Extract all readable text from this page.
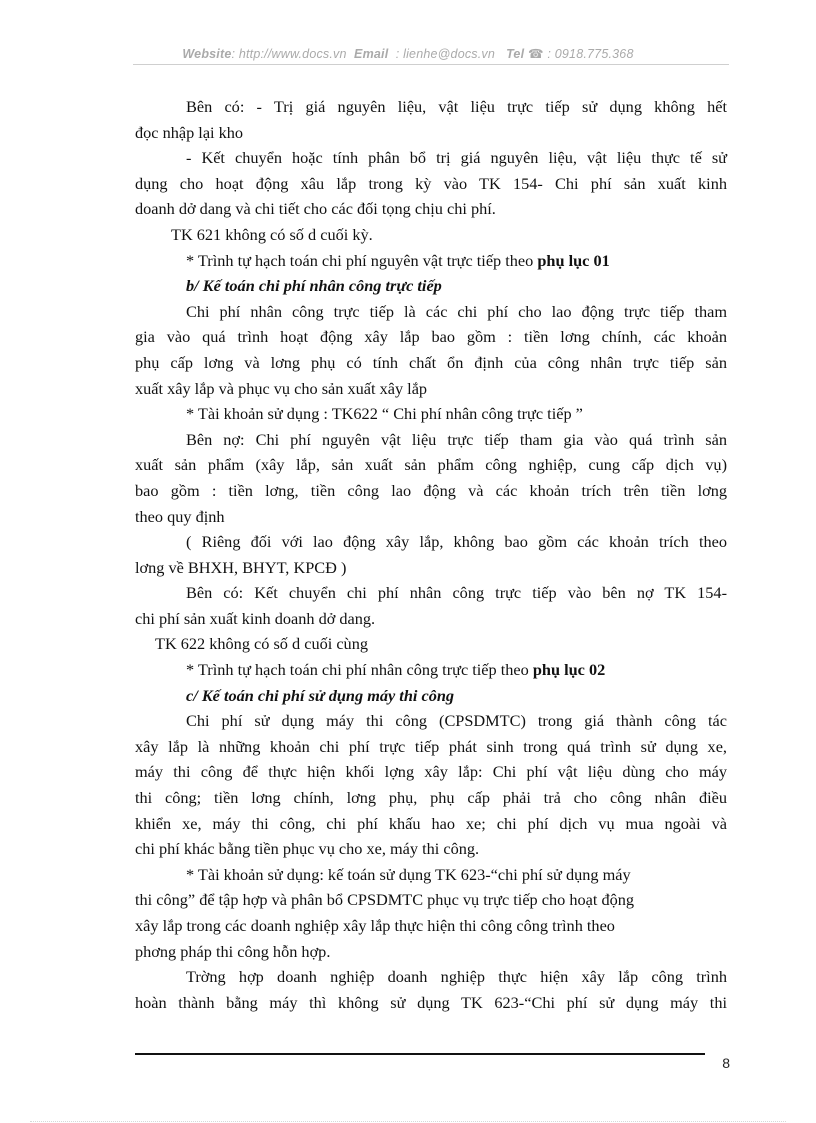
Website: http://www.docs.vn Email : lienhe@docs.vn Tel ☎ : 0918.775.368
Bên có: - Trị giá nguyên liệu, vật liệu trực tiếp sử dụng không hết
đọc nhập lại kho
- Kết chuyển hoặc tính phân bổ trị giá nguyên liệu, vật liệu thực tế sử
dụng cho hoạt động xâu lắp trong kỳ vào TK 154- Chi phí sản xuất kinh
doanh dở dang và chi tiết cho các đối tọng chịu chi phí.
TK 621 không có số d cuối kỳ.
* Trình tự hạch toán chi phí nguyên vật trực tiếp theo phụ lục 01
b/ Kế toán chi phí nhân công trực tiếp
Chi phí nhân công trực tiếp là các chi phí cho lao động trực tiếp tham
gia vào quá trình hoạt động xây lắp bao gồm : tiền lơng chính, các khoản
phụ cấp lơng và lơng phụ có tính chất ổn định của công nhân trực tiếp sản
xuất xây lắp và phục vụ cho sản xuất xây lắp
* Tài khoản sử dụng : TK622 “ Chi phí nhân công trực tiếp ”
Bên nợ: Chi phí nguyên vật liệu trực tiếp tham gia vào quá trình sản
xuất sản phẩm (xây lắp, sản xuất sản phẩm công nghiệp, cung cấp dịch vụ)
bao gồm : tiền lơng, tiền công lao động và các khoản trích trên tiền lơng
theo quy định
( Riêng đối với lao động xây lắp, không bao gồm các khoản trích theo
lơng về BHXH, BHYT, KPCĐ )
Bên có: Kết chuyển chi phí nhân công trực tiếp vào bên nợ TK 154-
chi phí sản xuất kinh doanh dở dang.
TK 622 không có số d cuối cùng
* Trình tự hạch toán chi phí nhân công trực tiếp theo phụ lục 02
c/ Kế toán chi phí sử dụng máy thi công
Chi phí sử dụng máy thi công (CPSDMTC) trong giá thành công tác
xây lắp là những khoản chi phí trực tiếp phát sinh trong quá trình sử dụng xe,
máy thi công để thực hiện khối lợng xây lắp: Chi phí vật liệu dùng cho máy
thi công; tiền lơng chính, lơng phụ, phụ cấp phải trả cho công nhân điều
khiển xe, máy thi công, chi phí khấu hao xe; chi phí dịch vụ mua ngoài và
chi phí khác bằng tiền phục vụ cho xe, máy thi công.
* Tài khoản sử dụng: kế toán sử dụng TK 623-“chi phí sử dụng máy
thi công” để tập hợp và phân bổ CPSDMTC phục vụ trực tiếp cho hoạt động
xây lắp trong các doanh nghiệp xây lắp thực hiện thi công công trình theo
phơng pháp thi công hỗn hợp.
Trờng hợp doanh nghiệp doanh nghiệp thực hiện xây lắp công trình
hoàn thành bằng máy thì không sử dụng TK 623-“Chi phí sử dụng máy thi
8
